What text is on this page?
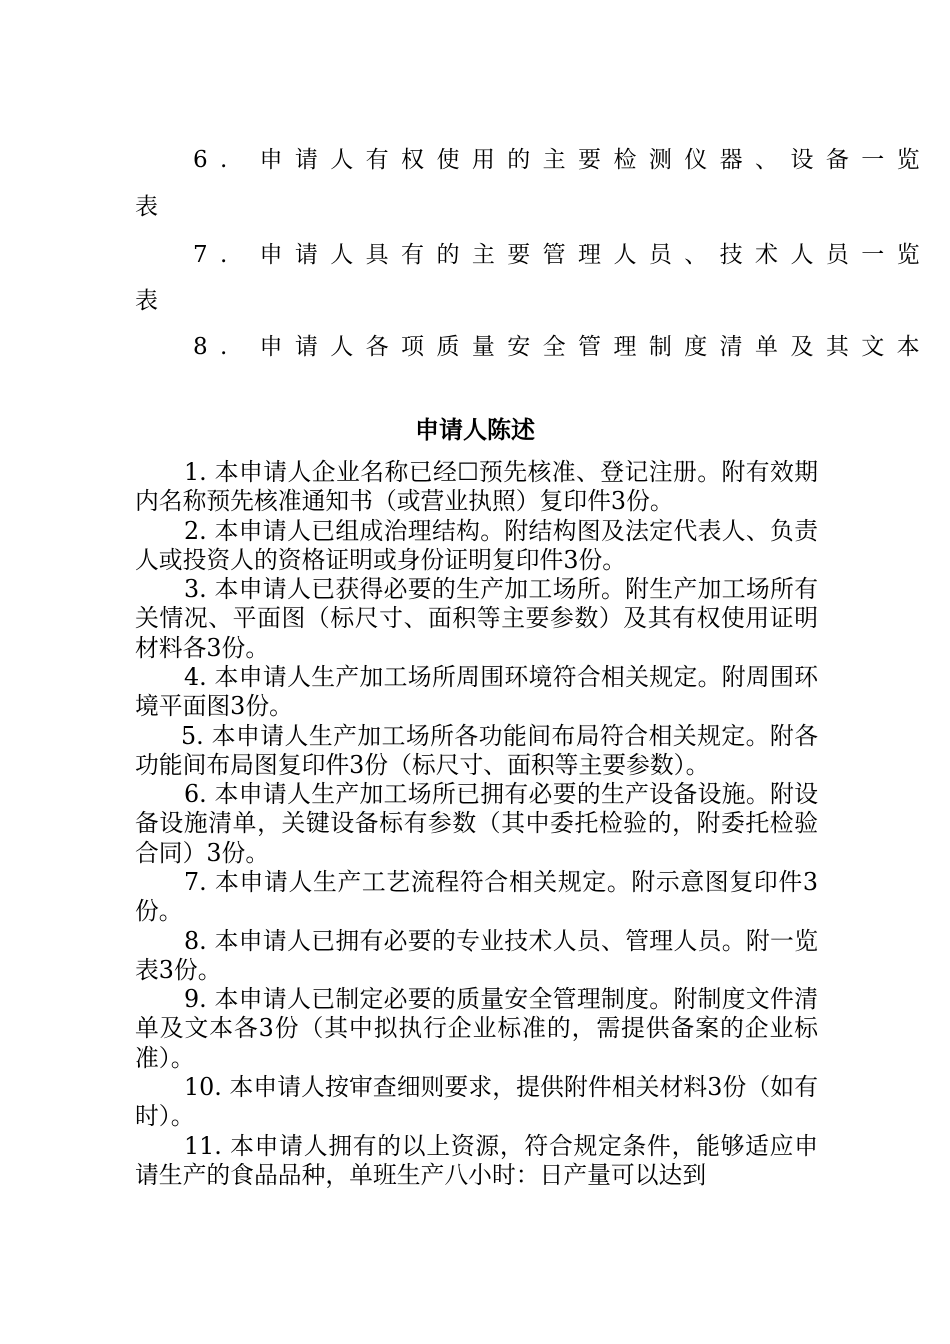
6. 申请人有权使用的主要检测仪器、设备一览
表
7. 申请人具有的主要管理人员、技术人员一览
表
8. 申请人各项质量安全管理制度清单及其文本
申请人陈述

1. 本申请人企业名称已经☐预先核准、登记注册。附有效期内名称预先核准通知书（或营业执照）复印件3份。

2. 本申请人已组成治理结构。附结构图及法定代表人、负责人或投资人的资格证明或身份证明复印件3份。

3. 本申请人已获得必要的生产加工场所。附生产加工场所有关情况、平面图（标尺寸、面积等主要参数）及其有权使用证明材料各3份。

4. 本申请人生产加工场所周围环境符合相关规定。附周围环境平面图3份。

5. 本申请人生产加工场所各功能间布局符合相关规定。附各功能间布局图复印件3份（标尺寸、面积等主要参数）。

6. 本申请人生产加工场所已拥有必要的生产设备设施。附设备设施清单，关键设备标有参数（其中委托检验的，附委托检验合同）3份。

7. 本申请人生产工艺流程符合相关规定。附示意图复印件3份。

8. 本申请人已拥有必要的专业技术人员、管理人员。附一览表3份。

9. 本申请人已制定必要的质量安全管理制度。附制度文件清单及文本各3份（其中拟执行企业标准的，需提供备案的企业标准）。

10. 本申请人按审查细则要求，提供附件相关材料3份（如有时）。

11. 本申请人拥有的以上资源，符合规定条件，能够适应申请生产的食品品种，单班生产八小时：日产量可以达到
